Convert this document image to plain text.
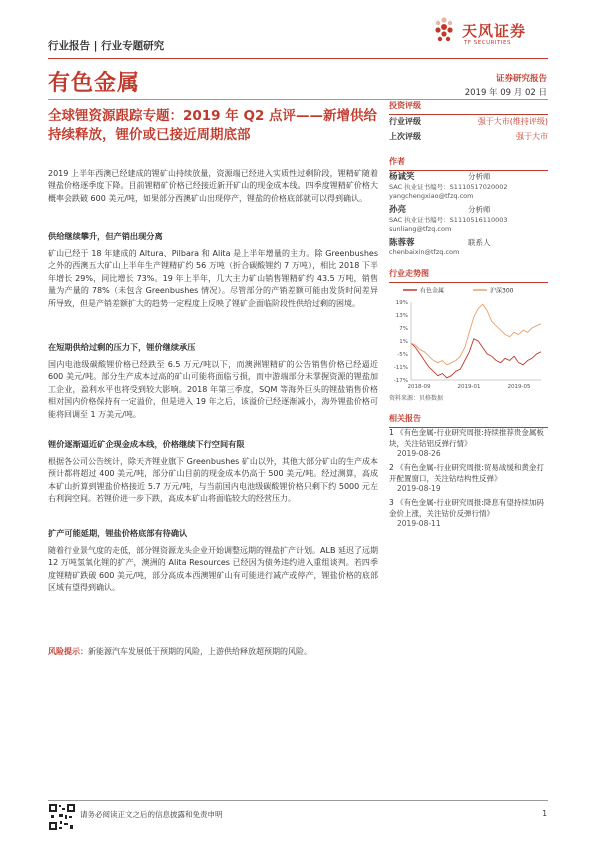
行业报告 | 行业专题研究
天风证券
TF SECURITIES
有色金属	证券研究报告
2019 年 09 月 02 日
全球锂资源跟踪专题：2019 年 Q2 点评——新增供给持续释放，锂价或已接近周期底部
2019 上半年西澳已经建成的锂矿山持续放量，资源端已经进入实质性过剩阶段，锂精矿随着锂盐价格逐季度下降。目前锂精矿价格已经接近新开矿山的现金成本线。四季度锂精矿价格大概率会跌破 600 美元/吨，如果部分西澳矿山出现停产，锂盐的价格底部就可以得到确认。
供给继续攀升，但产销出现分离
矿山已经于 18 年建成的 Altura、Pilbara 和 Alita 是上半年增量的主力。除 Greenbushes 之外的西澳五大矿山上半年生产锂精矿约 56 万吨（折合碳酸锂约 7 万吨），相比 2018 下半年增长 29%，同比增长 73%。19 年上半年，几大主力矿山销售锂精矿约 43.5 万吨，销售量为产量的 78%（未包含 Greenbushes 情况）。尽管部分的产销差额可能由发货时间差异所导致，但是产销差额扩大的趋势一定程度上反映了锂矿企面临阶段性供给过剩的困境。
在短期供给过剩的压力下，锂价继续承压
国内电池级碳酸锂价格已经跌至 6.5 万元/吨以下，而澳洲锂精矿的公告销售价格已经逼近 600 美元/吨。部分生产成本过高的矿山可能将面临亏损，而中游端部分未掌握资源的锂盐加工企业，盈利水平也将受到较大影响。2018 年第三季度，SQM 等海外巨头的锂盐销售价格相对国内价格保持有一定溢价，但是进入 19 年之后，该溢价已经逐渐减小，海外锂盐价格可能将回调至 1 万美元/吨。
锂价逐渐逼近矿企现金成本线，价格继续下行空间有限
根据各公司公告统计，除天齐锂业旗下 Greenbushes 矿山以外，其他大部分矿山的生产成本预计都将超过 400 美元/吨，部分矿山目前的现金成本仍高于 500 美元/吨。经过测算，高成本矿山折算到锂盐价格接近 5.7 万元/吨，与当前国内电池级碳酸锂价格只剩下约 5000 元左右利润空间。若锂价进一步下跌，高成本矿山将面临较大的经营压力。
扩产可能延期，锂盐价格底部有待确认
随着行业景气度的走低，部分锂资源龙头企业开始调整远期的锂盐扩产计划。ALB 延迟了远期 12 万吨氢氧化锂的扩产，澳洲的 Alita Resources 已经因为债务违约进入重组谈判。若四季度锂精矿跌破 600 美元/吨，部分高成本西澳锂矿山有可能进行减产或停产，锂盐价格的底部区域有望得到确认。
风险提示：新能源汽车发展低于预期的风险，上游供给释放超预期的风险。
投资评级
行业评级	强于大市(维持评级)
上次评级	强于大市
作者
杨诚笑	分析师
SAC 执业证书编号：S1110517020002
yangchengxiao@tfzq.com
孙亮	分析师
SAC 执业证书编号：S1110516110003
sunliang@tfzq.com
陈蓉蓉	联系人
chenbaixin@tfzq.com
行业走势图
有色金属	沪深300
19%
13%
7%
1%
-5%
-11%
-17%
2018-09	2019-01	2019-05
资料来源：贝格数据
相关报告
1 《有色金属-行业研究周报:持续推荐贵金属板块，关注钴铝反弹行情》
2019-08-26
2 《有色金属-行业研究周报:贸易战缓和黄金打开配置窗口，关注钴结构性反弹》
2019-08-19
3 《有色金属-行业研究周报:降息有望持续加码金价上涨，关注钴价反弹行情》
2019-08-11
请务必阅读正文之后的信息披露和免责申明	1
